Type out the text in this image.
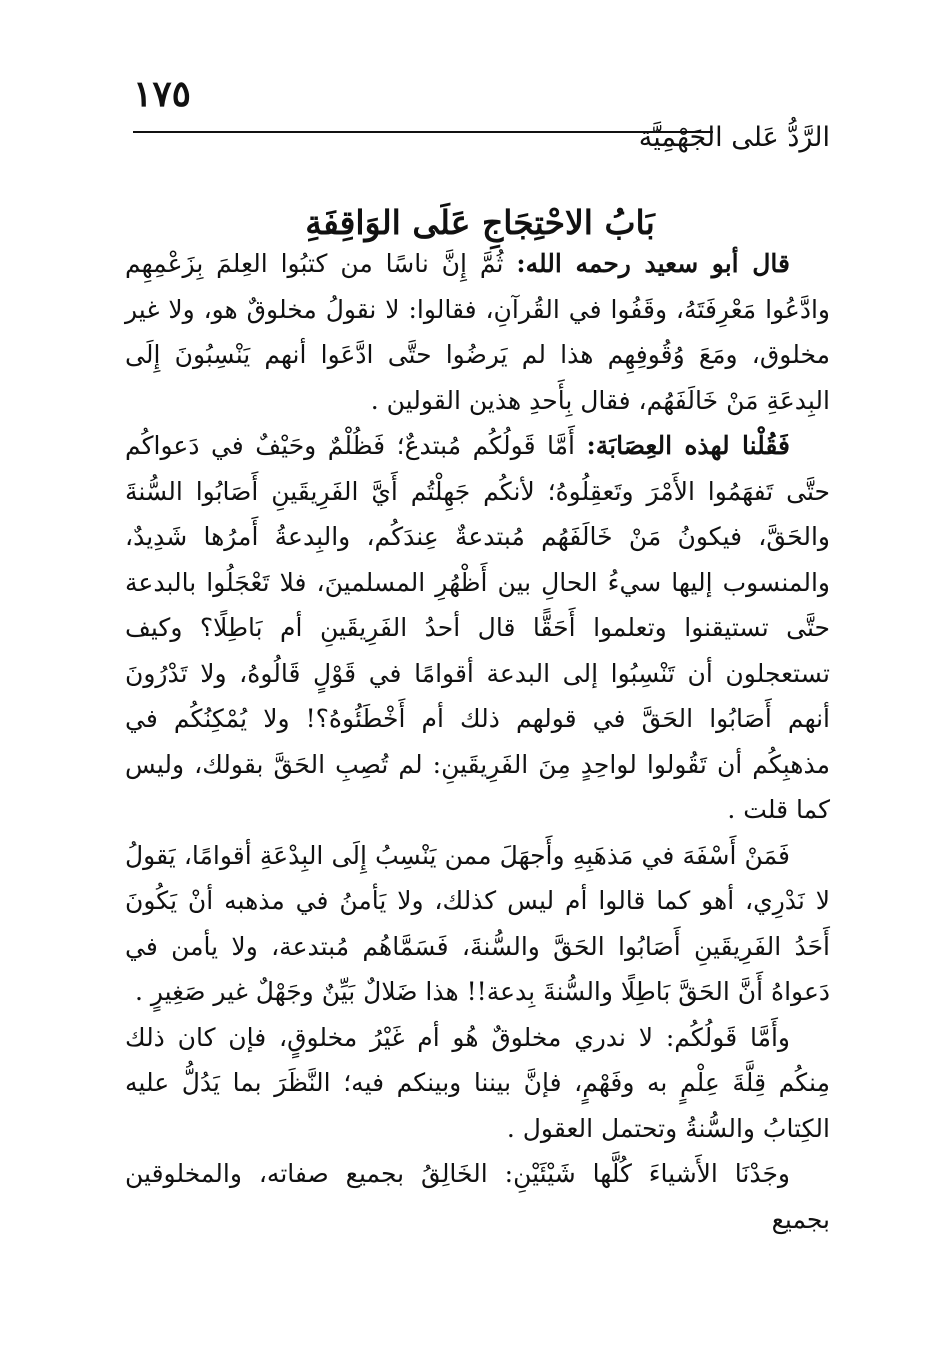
الرَّدُّ عَلى الجَهْمِيَّة
١٧٥
بَابُ الاحْتِجَاجِ عَلَى الوَاقِفَةِ

قال أبو سعيد رحمه الله: ثُمَّ إِنَّ ناسًا من كتبُوا العِلمَ بِزَعْمِهِم وادَّعُوا مَعْرِفَتَهُ، وقَفُوا في القُرآنِ، فقالوا: لا نقولُ مخلوقٌ هو، ولا غير مخلوق، ومَعَ وُقُوفِهِم هذا لم يَرضُوا حتَّى ادَّعَوا أنهم يَنْسِبُونَ إِلَى البِدعَةِ مَنْ خَالَفَهُم، فقال بِأَحدِ هذين القولين .

فَقُلْنا لهذه العِصَابَة: أَمَّا قَولُكُم مُبتدعٌ؛ فَظُلْمٌ وحَيْفٌ في دَعواكُم حتَّى تَفهَمُوا الأَمْرَ وتَعقِلُوهُ؛ لأنكُم جَهِلْتُم أَيَّ الفَرِيقَينِ أَصَابُوا السُّنةَ والحَقَّ، فيكونُ مَنْ خَالَفَهُم مُبتدعةٌ عِندَكُم، والبِدعةُ أَمرُها شَدِيدٌ، والمنسوب إليها سيءُ الحالِ بين أَظْهُرِ المسلمينَ، فلا تَعْجَلُوا بالبدعة حتَّى تستيقنوا وتعلموا أَحَقًّا قال أحدُ الفَرِيقَينِ أم بَاطِلًا؟ وكيف تستعجلون أن تَنْسِبُوا إلى البدعة أقوامًا في قَوْلٍ قَالُوهُ، ولا تَدْرُونَ أنهم أَصَابُوا الحَقَّ في قولهم ذلك أم أَخْطَئُوهُ؟! ولا يُمْكِنُكُم في مذهبِكُم أن تَقُولوا لواحِدٍ مِنَ الفَرِيقَينِ: لم تُصِبِ الحَقَّ بقولك، وليس كما قلت .

فَمَنْ أَسْفَهَ في مَذهَبِهِ وأَجهَلَ ممن يَنْسِبُ إِلَى البِدْعَةِ أقوامًا، يَقولُ لا نَدْرِي، أهو كما قالوا أم ليس كذلك، ولا يَأمنُ في مذهبه أنْ يَكُونَ أَحَدُ الفَرِيقَينِ أَصَابُوا الحَقَّ والسُّنةَ، فَسَمَّاهُم مُبتدعة، ولا يأمن في دَعواهُ أَنَّ الحَقَّ بَاطِلًا والسُّنةَ بِدعة!! هذا ضَلالٌ بَيِّنٌ وجَهْلٌ غير صَغِيرٍ .

وأَمَّا قَولُكُم: لا ندري مخلوقٌ هُو أم غَيْرُ مخلوقٍ، فإن كان ذلك مِنكُم قِلَّةَ عِلْمٍ به وفَهْمٍ، فإنَّ بيننا وبينكم فيه؛ النَّظَرَ بما يَدُلُّ عليه الكِتابُ والسُّنةُ وتحتمل العقول .

وجَدْنَا الأَشياءَ كُلَّها شَيْئَيْنِ: الخَالِقُ بجميع صفاته، والمخلوقين بجميع
